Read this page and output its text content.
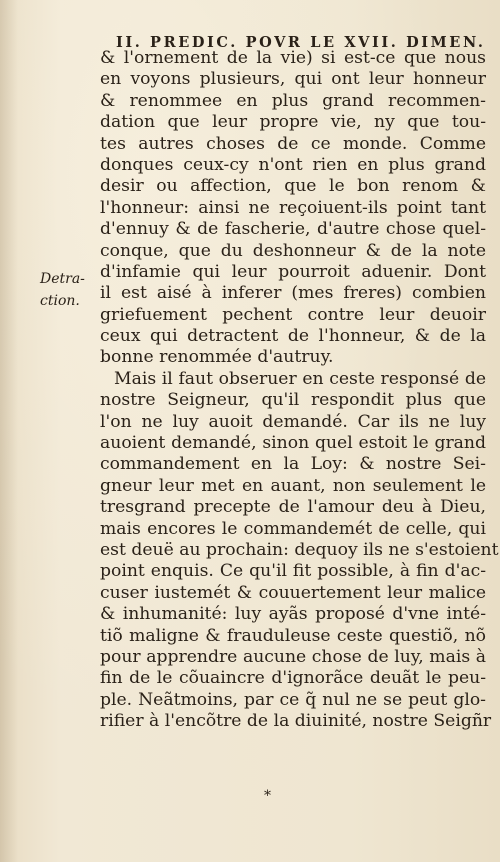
II. PREDIC. POVR LE XVII. DIMEN.
Detra-
ction.
& l'ornement de la vie) si est-ce que nous
en voyons plusieurs, qui ont leur honneur
& renommee en plus grand recommen-
dation que leur propre vie, ny que tou-
tes autres choses de ce monde. Comme
donques ceux-cy n'ont rien en plus grand
desir ou affection, que le bon renom &
l'honneur: ainsi ne reçoiuent-ils point tant
d'ennuy & de fascherie, d'autre chose quel-
conque, que du deshonneur & de la note
d'infamie qui leur pourroit aduenir. Dont
il est aisé à inferer (mes freres) combien
griefuement pechent contre leur deuoir
ceux qui detractent de l'honneur, & de la
bonne renommée d'autruy.
Mais il faut obseruer en ceste responsé de
nostre Seigneur, qu'il respondit plus que
l'on ne luy auoit demandé. Car ils ne luy
auoient demandé, sinon quel estoit le grand
commandement en la Loy: & nostre Sei-
gneur leur met en auant, non seulement le
tresgrand precepte de l'amour deu à Dieu,
mais encores le commandemét de celle, qui
est deuë au prochain: dequoy ils ne s'estoient
point enquis. Ce qu'il fit possible, à fin d'ac-
cuser iustemét & couuertement leur malice
& inhumanité: luy ayãs proposé d'vne inté-
tiõ maligne & frauduleuse ceste questiõ, nõ
pour apprendre aucune chose de luy, mais à
fin de le cõuaincre d'ignorãce deuãt le peu-
ple. Neãtmoins, par ce q̃ nul ne se peut glo-
rifier à l'encõtre de la diuinité, nostre Seigñr
*
